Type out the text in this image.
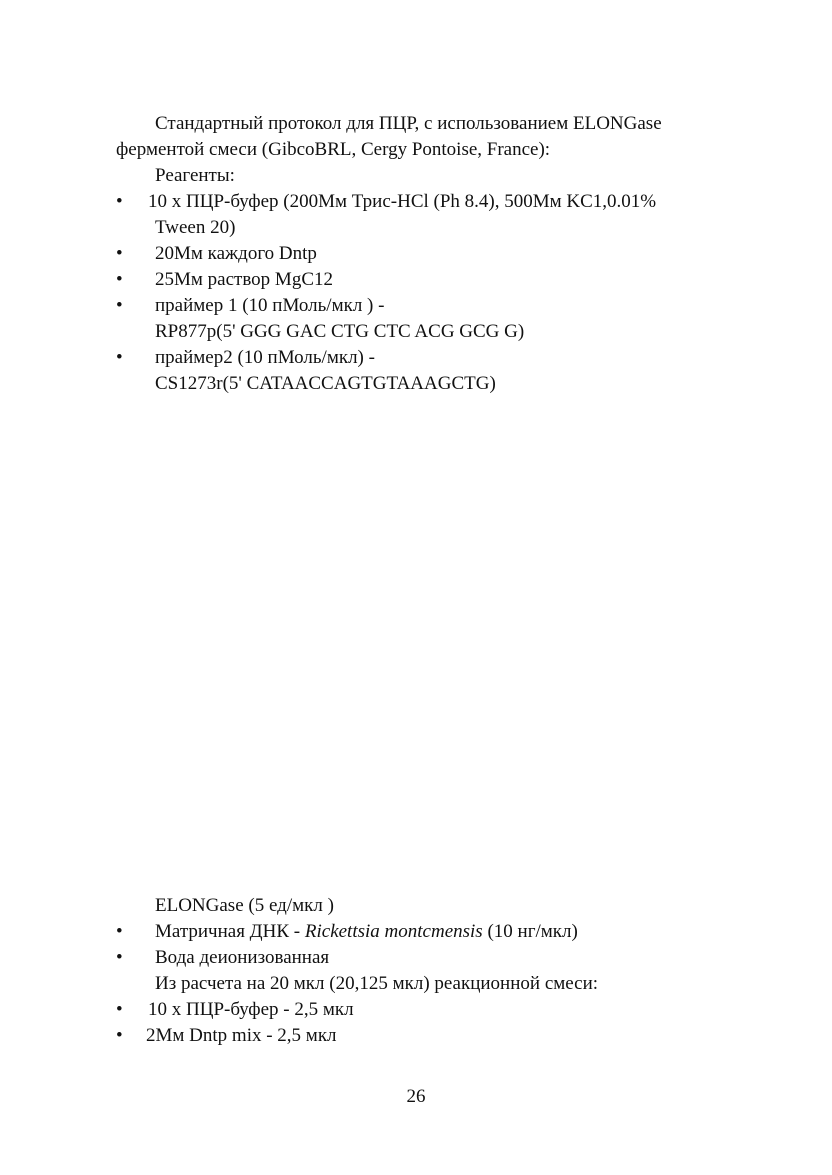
Стандартный протокол для ПЦР, с использованием ELONGase
ферментой смеси (GibcoBRL, Cergy Pontoise, France):
Реагенты:
• 10 x ПЦР-буфер (200Мм Трис-HCl (Ph 8.4), 500Мм KC1,0.01%
Tween 20)
• 20Мм каждого Dntp
• 25Мм раствор MgC12
• праймер 1 (10 пМоль/мкл ) -
RP877p(5' GGG GAC CTG CTC ACG GCG G)
• праймер2 (10 пМоль/мкл) -
CS1273r(5' CATAACCAGTGTAAAGCTG)
ELONGase (5 ед/мкл )
• Матричная ДНК - Rickettsia montcmensis (10 нг/мкл)
• Вода деионизованная
Из расчета на 20 мкл (20,125 мкл) реакционной смеси:
• 10 x ПЦР-буфер - 2,5 мкл
• 2Мм Dntp mix - 2,5 мкл
26
